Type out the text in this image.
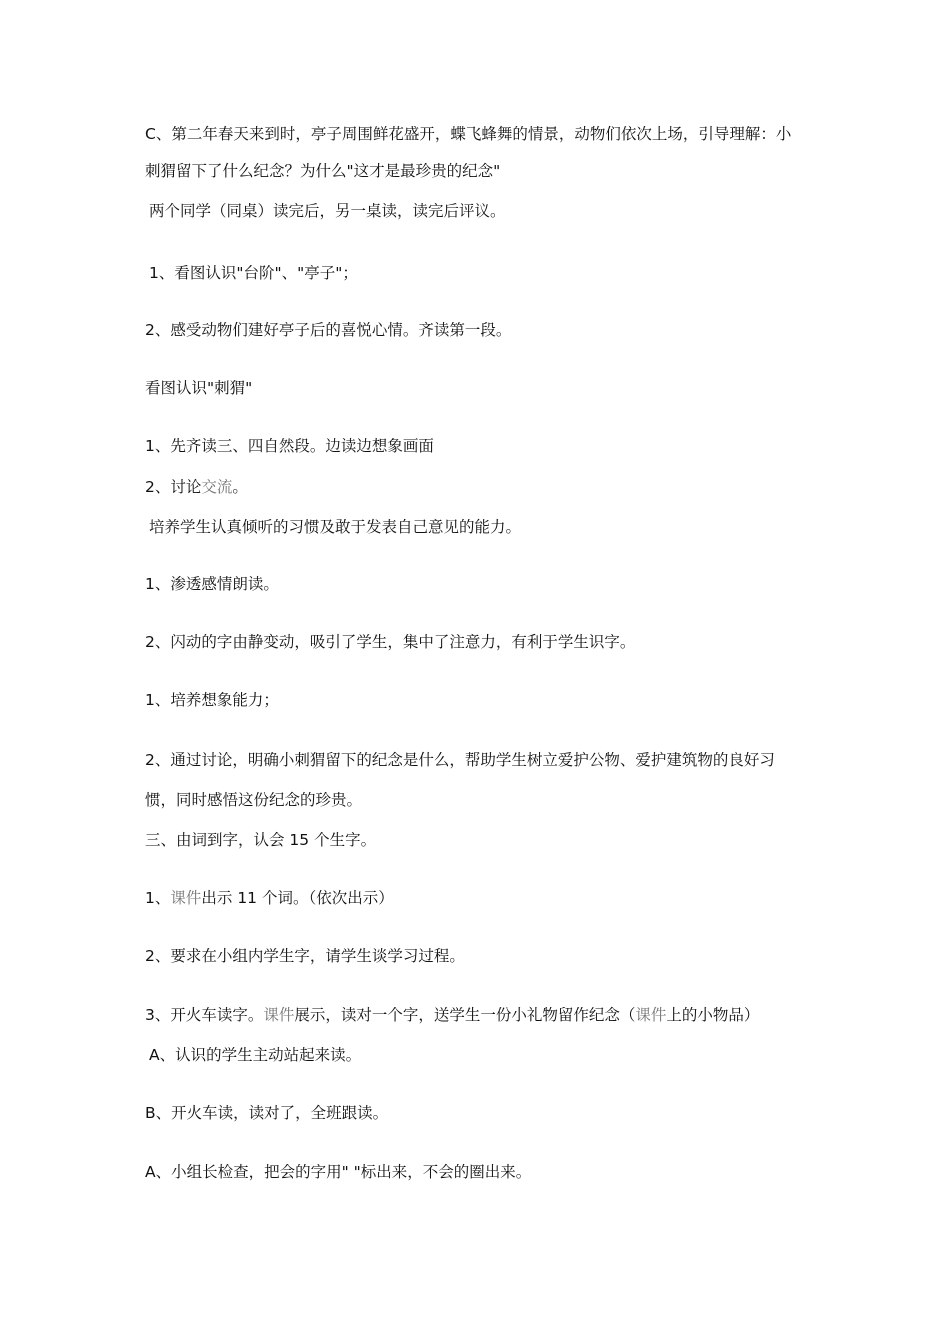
C、第二年春天来到时，亭子周围鲜花盛开，蝶飞蜂舞的情景，动物们依次上场，引导理解：小
刺猬留下了什么纪念？为什么"这才是最珍贵的纪念"
两个同学（同桌）读完后，另一桌读，读完后评议。
1、看图认识"台阶"、"亭子"；
2、感受动物们建好亭子后的喜悦心情。齐读第一段。
看图认识"刺猬"
1、先齐读三、四自然段。边读边想象画面
2、讨论交流。
培养学生认真倾听的习惯及敢于发表自己意见的能力。
1、渗透感情朗读。
2、闪动的字由静变动，吸引了学生，集中了注意力，有利于学生识字。
1、培养想象能力；
2、通过讨论，明确小刺猬留下的纪念是什么，帮助学生树立爱护公物、爱护建筑物的良好习
惯，同时感悟这份纪念的珍贵。
三、由词到字，认会 15 个生字。
1、课件出示 11 个词。（依次出示）
2、要求在小组内学生字，请学生谈学习过程。
3、开火车读字。课件展示，读对一个字，送学生一份小礼物留作纪念（课件上的小物品）
A、认识的学生主动站起来读。
B、开火车读，读对了，全班跟读。
A、小组长检查，把会的字用" "标出来，不会的圈出来。
